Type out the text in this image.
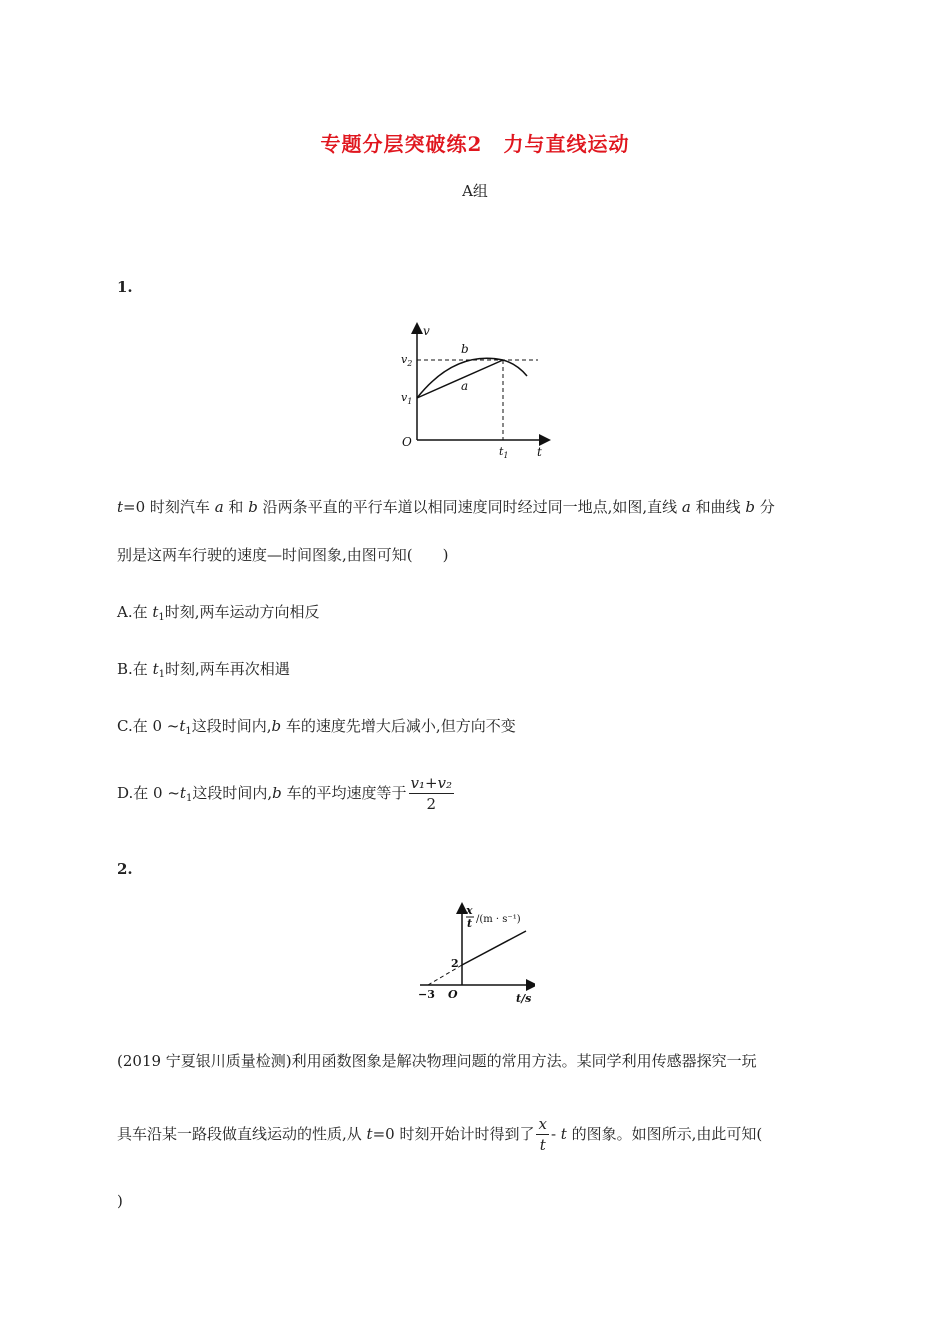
专题分层突破练2　力与直线运动
A组
1.
v
t
O
$v_2$
$v_1$
$t_1$
b
a
t=0 时刻汽车 a 和 b 沿两条平直的平行车道以相同速度同时经过同一地点,如图,直线 a 和曲线 b 分
别是这两车行驶的速度—时间图象,由图可知(　　)
A.在 $t_1$时刻,两车运动方向相反
B.在 $t_1$时刻,两车再次相遇
C.在 0 $\sim t_1$这段时间内,b 车的速度先增大后减小,但方向不变
D.在 0 $\sim t_1$这段时间内,b 车的平均速度等于 $\frac{\text{v₁+v₂}}{2}$
2.
x
t /(m · s⁻¹)
2
−3 O	t/s
(2019 宁夏银川质量检测)利用函数图象是解决物理问题的常用方法。某同学利用传感器探究一玩
具车沿某一路段做直线运动的性质,从 t=0 时刻开始计时得到了 $\frac{x}{t}$ - t 的图象。如图所示,由此可知(
)
